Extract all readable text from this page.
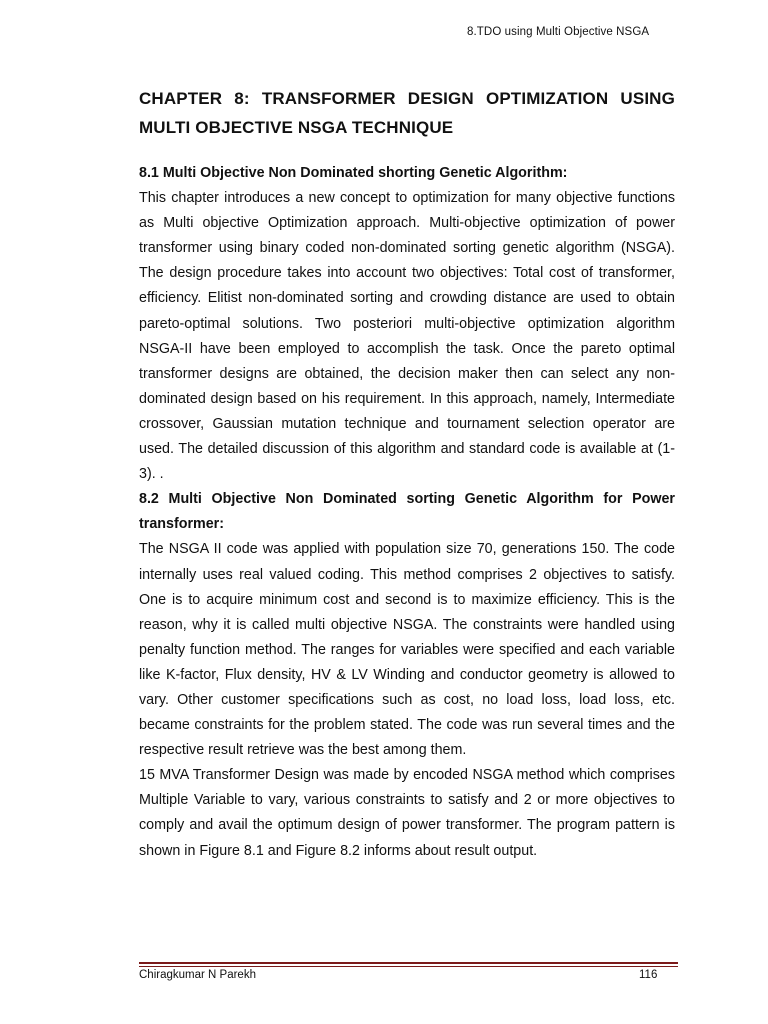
8.TDO using Multi Objective NSGA
CHAPTER 8: TRANSFORMER DESIGN OPTIMIZATION USING MULTI OBJECTIVE NSGA TECHNIQUE
8.1 Multi Objective Non Dominated shorting Genetic Algorithm:

This chapter introduces a new concept to optimization for many objective functions as Multi objective Optimization approach. Multi-objective optimization of power transformer using binary coded non-dominated sorting genetic algorithm (NSGA). The design procedure takes into account two objectives: Total cost of transformer, efficiency. Elitist non-dominated sorting and crowding distance are used to obtain pareto-optimal solutions. Two posteriori multi-objective optimization algorithm NSGA-II have been employed to accomplish the task. Once the pareto optimal transformer designs are obtained, the decision maker then can select any non-dominated design based on his requirement. In this approach, namely, Intermediate crossover, Gaussian mutation technique and tournament selection operator are used. The detailed discussion of this algorithm and standard code is available at (1-3). .

8.2 Multi Objective Non Dominated sorting Genetic Algorithm for Power transformer:

The NSGA II code was applied with population size 70, generations 150. The code internally uses real valued coding. This method comprises 2 objectives to satisfy. One is to acquire minimum cost and second is to maximize efficiency. This is the reason, why it is called multi objective NSGA. The constraints were handled using penalty function method. The ranges for variables were specified and each variable like K-factor, Flux density, HV & LV Winding and conductor geometry is allowed to vary. Other customer specifications such as cost, no load loss, load loss, etc. became constraints for the problem stated. The code was run several times and the respective result retrieve was the best among them.

15 MVA Transformer Design was made by encoded NSGA method which comprises Multiple Variable to vary, various constraints to satisfy and 2 or more objectives to comply and avail the optimum design of power transformer. The program pattern is shown in Figure 8.1 and Figure 8.2 informs about result output.

Chiragkumar N Parekh	116
